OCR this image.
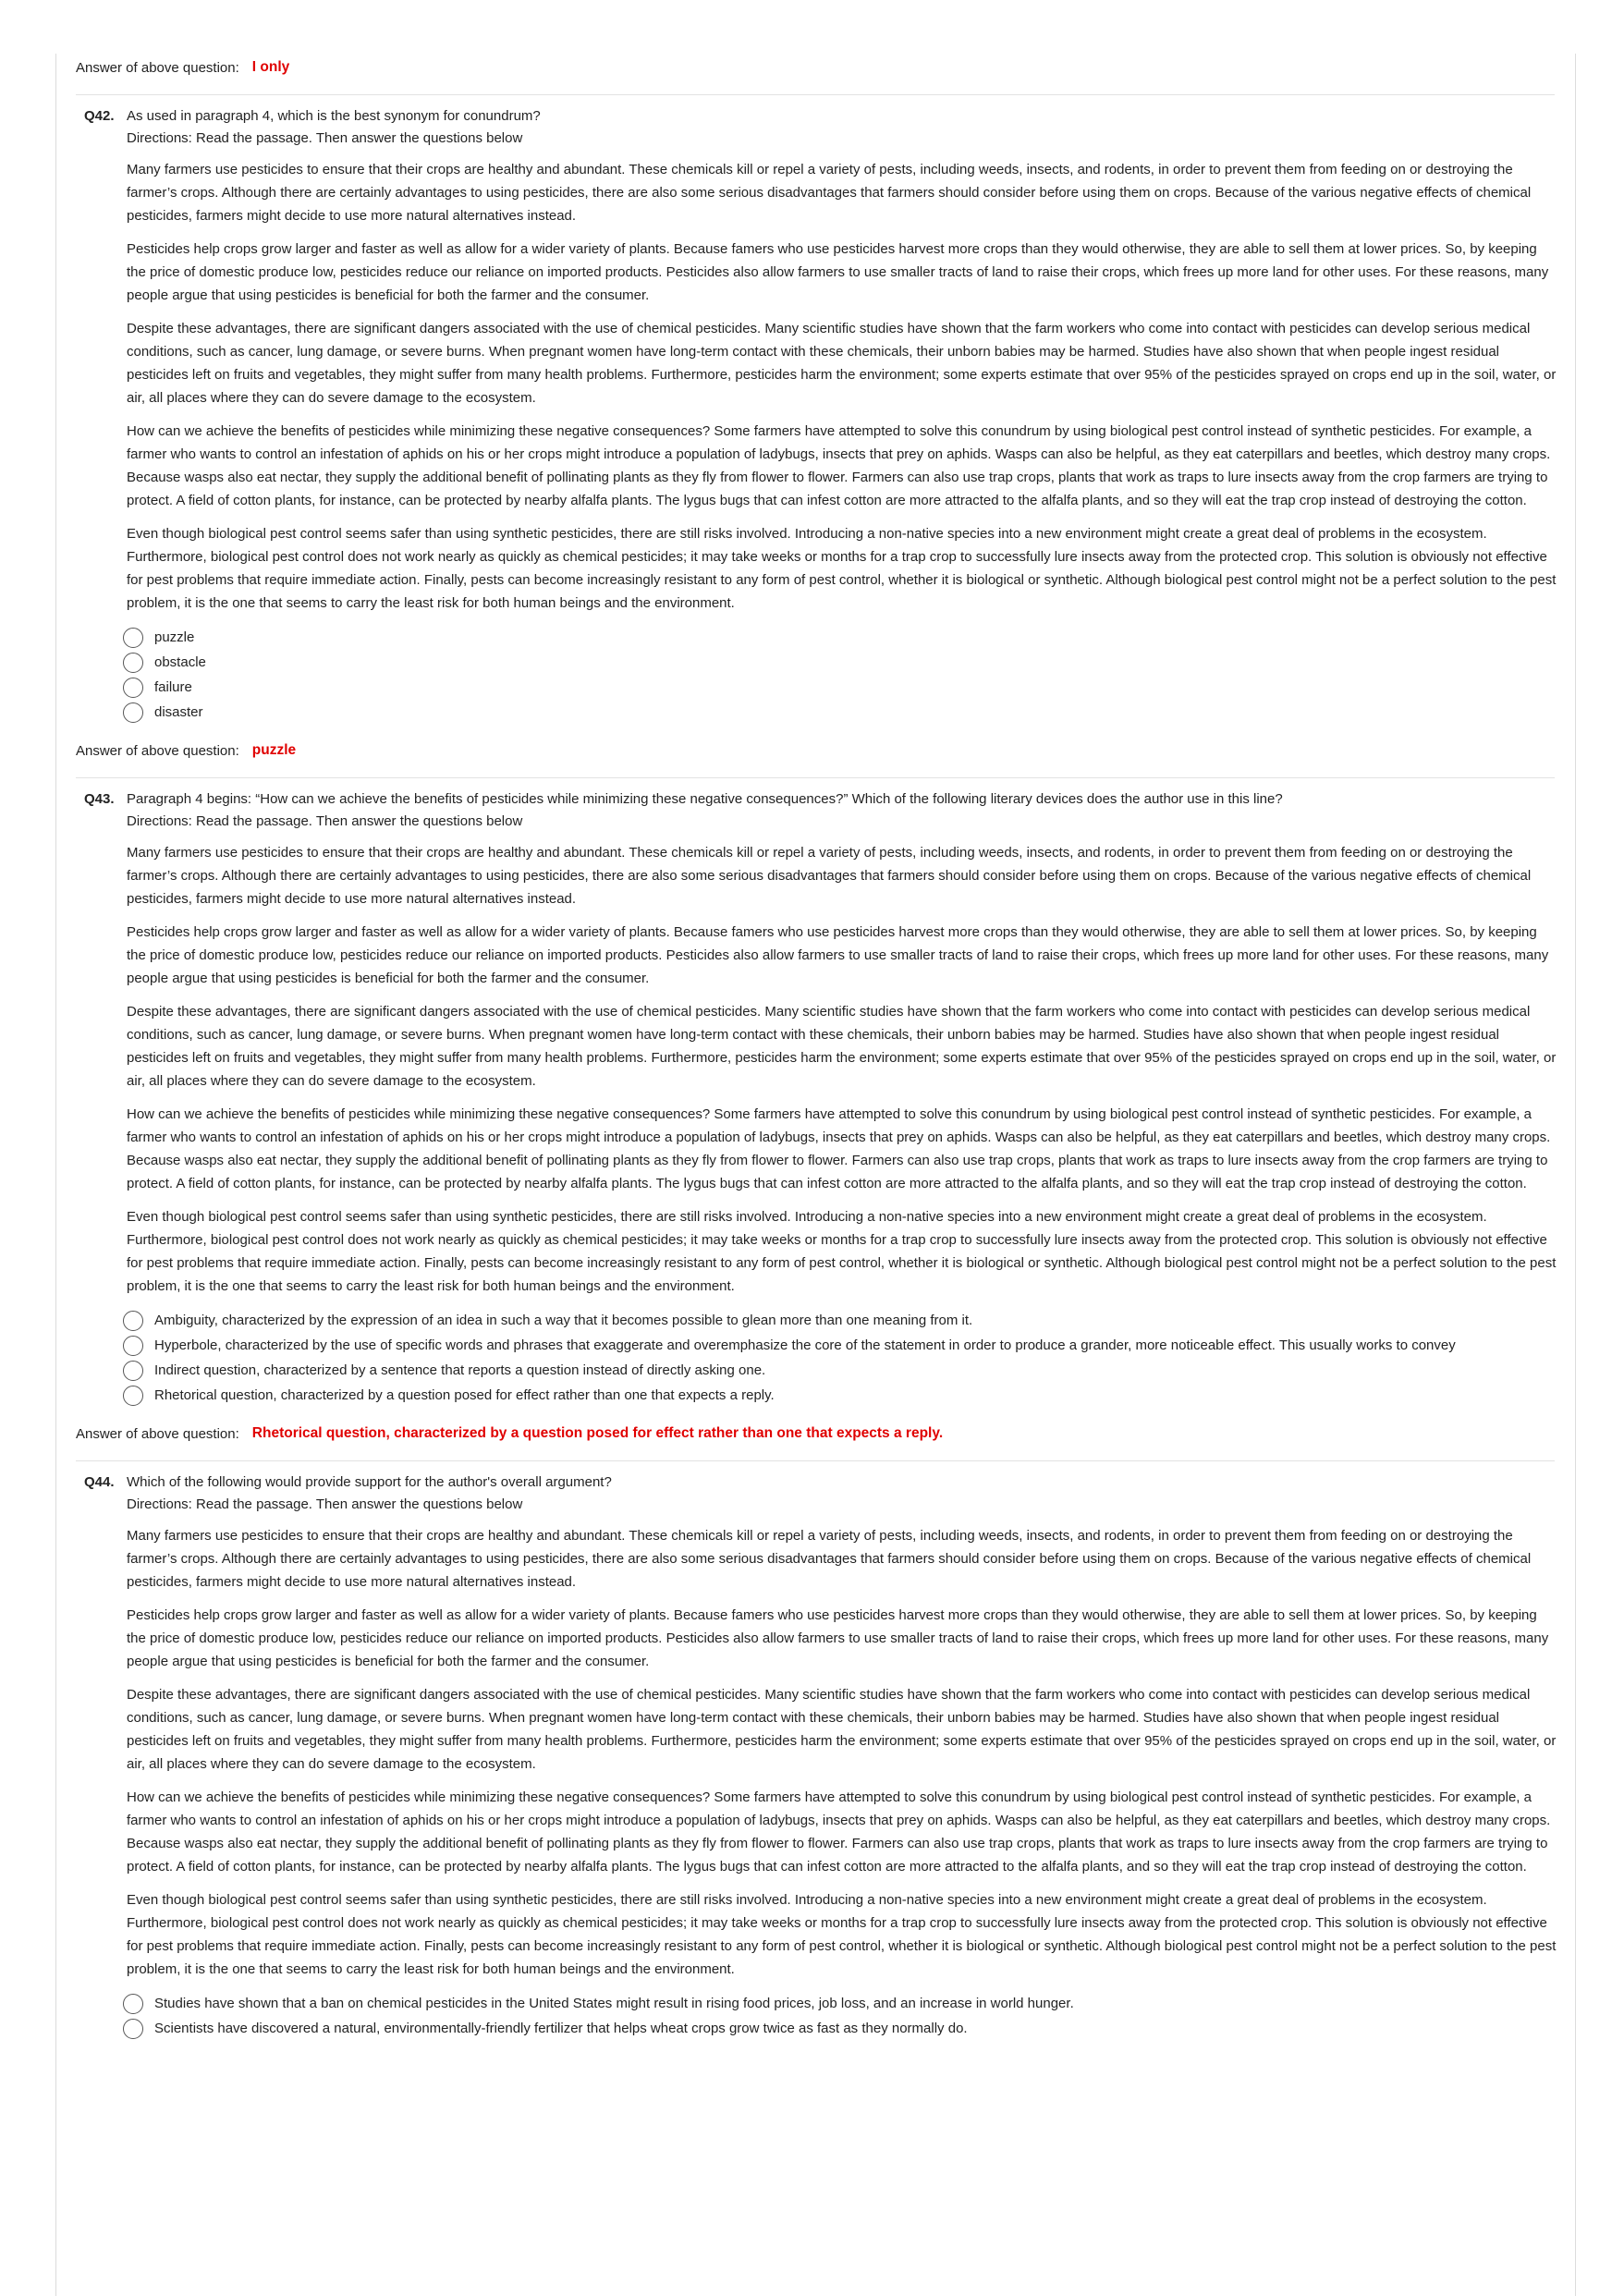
Answer of above question: I only
Q42. As used in paragraph 4, which is the best synonym for conundrum?
Directions: Read the passage. Then answer the questions below

Many farmers use pesticides to ensure that their crops are healthy and abundant. These chemicals kill or repel a variety of pests, including weeds, insects, and rodents, in order to prevent them from feeding on or destroying the farmer’s crops. Although there are certainly advantages to using pesticides, there are also some serious disadvantages that farmers should consider before using them on crops. Because of the various negative effects of chemical pesticides, farmers might decide to use more natural alternatives instead.

Pesticides help crops grow larger and faster as well as allow for a wider variety of plants. Because famers who use pesticides harvest more crops than they would otherwise, they are able to sell them at lower prices. So, by keeping the price of domestic produce low, pesticides reduce our reliance on imported products. Pesticides also allow farmers to use smaller tracts of land to raise their crops, which frees up more land for other uses. For these reasons, many people argue that using pesticides is beneficial for both the farmer and the consumer.

Despite these advantages, there are significant dangers associated with the use of chemical pesticides. Many scientific studies have shown that the farm workers who come into contact with pesticides can develop serious medical conditions, such as cancer, lung damage, or severe burns. When pregnant women have long-term contact with these chemicals, their unborn babies may be harmed. Studies have also shown that when people ingest residual pesticides left on fruits and vegetables, they might suffer from many health problems. Furthermore, pesticides harm the environment; some experts estimate that over 95% of the pesticides sprayed on crops end up in the soil, water, or air, all places where they can do severe damage to the ecosystem.

How can we achieve the benefits of pesticides while minimizing these negative consequences? Some farmers have attempted to solve this conundrum by using biological pest control instead of synthetic pesticides. For example, a farmer who wants to control an infestation of aphids on his or her crops might introduce a population of ladybugs, insects that prey on aphids. Wasps can also be helpful, as they eat caterpillars and beetles, which destroy many crops. Because wasps also eat nectar, they supply the additional benefit of pollinating plants as they fly from flower to flower. Farmers can also use trap crops, plants that work as traps to lure insects away from the crop farmers are trying to protect. A field of cotton plants, for instance, can be protected by nearby alfalfa plants. The lygus bugs that can infest cotton are more attracted to the alfalfa plants, and so they will eat the trap crop instead of destroying the cotton.

Even though biological pest control seems safer than using synthetic pesticides, there are still risks involved. Introducing a non-native species into a new environment might create a great deal of problems in the ecosystem. Furthermore, biological pest control does not work nearly as quickly as chemical pesticides; it may take weeks or months for a trap crop to successfully lure insects away from the protected crop. This solution is obviously not effective for pest problems that require immediate action. Finally, pests can become increasingly resistant to any form of pest control, whether it is biological or synthetic. Although biological pest control might not be a perfect solution to the pest problem, it is the one that seems to carry the least risk for both human beings and the environment.

puzzle
obstacle
failure
disaster
Answer of above question: puzzle
Q43. Paragraph 4 begins: “How can we achieve the benefits of pesticides while minimizing these negative consequences?” Which of the following literary devices does the author use in this line?
Directions: Read the passage. Then answer the questions below

Many farmers use pesticides to ensure that their crops are healthy and abundant. These chemicals kill or repel a variety of pests, including weeds, insects, and rodents, in order to prevent them from feeding on or destroying the farmer’s crops. Although there are certainly advantages to using pesticides, there are also some serious disadvantages that farmers should consider before using them on crops. Because of the various negative effects of chemical pesticides, farmers might decide to use more natural alternatives instead.

Pesticides help crops grow larger and faster as well as allow for a wider variety of plants. Because famers who use pesticides harvest more crops than they would otherwise, they are able to sell them at lower prices. So, by keeping the price of domestic produce low, pesticides reduce our reliance on imported products. Pesticides also allow farmers to use smaller tracts of land to raise their crops, which frees up more land for other uses. For these reasons, many people argue that using pesticides is beneficial for both the farmer and the consumer.

Despite these advantages, there are significant dangers associated with the use of chemical pesticides. Many scientific studies have shown that the farm workers who come into contact with pesticides can develop serious medical conditions, such as cancer, lung damage, or severe burns. When pregnant women have long-term contact with these chemicals, their unborn babies may be harmed. Studies have also shown that when people ingest residual pesticides left on fruits and vegetables, they might suffer from many health problems. Furthermore, pesticides harm the environment; some experts estimate that over 95% of the pesticides sprayed on crops end up in the soil, water, or air, all places where they can do severe damage to the ecosystem.

How can we achieve the benefits of pesticides while minimizing these negative consequences? Some farmers have attempted to solve this conundrum by using biological pest control instead of synthetic pesticides. For example, a farmer who wants to control an infestation of aphids on his or her crops might introduce a population of ladybugs, insects that prey on aphids. Wasps can also be helpful, as they eat caterpillars and beetles, which destroy many crops. Because wasps also eat nectar, they supply the additional benefit of pollinating plants as they fly from flower to flower. Farmers can also use trap crops, plants that work as traps to lure insects away from the crop farmers are trying to protect. A field of cotton plants, for instance, can be protected by nearby alfalfa plants. The lygus bugs that can infest cotton are more attracted to the alfalfa plants, and so they will eat the trap crop instead of destroying the cotton.

Even though biological pest control seems safer than using synthetic pesticides, there are still risks involved. Introducing a non-native species into a new environment might create a great deal of problems in the ecosystem. Furthermore, biological pest control does not work nearly as quickly as chemical pesticides; it may take weeks or months for a trap crop to successfully lure insects away from the protected crop. This solution is obviously not effective for pest problems that require immediate action. Finally, pests can become increasingly resistant to any form of pest control, whether it is biological or synthetic. Although biological pest control might not be a perfect solution to the pest problem, it is the one that seems to carry the least risk for both human beings and the environment.

Ambiguity, characterized by the expression of an idea in such a way that it becomes possible to glean more than one meaning from it.
Hyperbole, characterized by the use of specific words and phrases that exaggerate and overemphasize the core of the statement in order to produce a grander, more noticeable effect. This usually works to convey
Indirect question, characterized by a sentence that reports a question instead of directly asking one.
Rhetorical question, characterized by a question posed for effect rather than one that expects a reply.
Answer of above question: Rhetorical question, characterized by a question posed for effect rather than one that expects a reply.
Q44. Which of the following would provide support for the author's overall argument?
Directions: Read the passage. Then answer the questions below

Many farmers use pesticides to ensure that their crops are healthy and abundant. These chemicals kill or repel a variety of pests, including weeds, insects, and rodents, in order to prevent them from feeding on or destroying the farmer’s crops. Although there are certainly advantages to using pesticides, there are also some serious disadvantages that farmers should consider before using them on crops. Because of the various negative effects of chemical pesticides, farmers might decide to use more natural alternatives instead.

Pesticides help crops grow larger and faster as well as allow for a wider variety of plants. Because famers who use pesticides harvest more crops than they would otherwise, they are able to sell them at lower prices. So, by keeping the price of domestic produce low, pesticides reduce our reliance on imported products. Pesticides also allow farmers to use smaller tracts of land to raise their crops, which frees up more land for other uses. For these reasons, many people argue that using pesticides is beneficial for both the farmer and the consumer.

Despite these advantages, there are significant dangers associated with the use of chemical pesticides. Many scientific studies have shown that the farm workers who come into contact with pesticides can develop serious medical conditions, such as cancer, lung damage, or severe burns. When pregnant women have long-term contact with these chemicals, their unborn babies may be harmed. Studies have also shown that when people ingest residual pesticides left on fruits and vegetables, they might suffer from many health problems. Furthermore, pesticides harm the environment; some experts estimate that over 95% of the pesticides sprayed on crops end up in the soil, water, or air, all places where they can do severe damage to the ecosystem.

How can we achieve the benefits of pesticides while minimizing these negative consequences? Some farmers have attempted to solve this conundrum by using biological pest control instead of synthetic pesticides. For example, a farmer who wants to control an infestation of aphids on his or her crops might introduce a population of ladybugs, insects that prey on aphids. Wasps can also be helpful, as they eat caterpillars and beetles, which destroy many crops. Because wasps also eat nectar, they supply the additional benefit of pollinating plants as they fly from flower to flower. Farmers can also use trap crops, plants that work as traps to lure insects away from the crop farmers are trying to protect. A field of cotton plants, for instance, can be protected by nearby alfalfa plants. The lygus bugs that can infest cotton are more attracted to the alfalfa plants, and so they will eat the trap crop instead of destroying the cotton.

Even though biological pest control seems safer than using synthetic pesticides, there are still risks involved. Introducing a non-native species into a new environment might create a great deal of problems in the ecosystem. Furthermore, biological pest control does not work nearly as quickly as chemical pesticides; it may take weeks or months for a trap crop to successfully lure insects away from the protected crop. This solution is obviously not effective for pest problems that require immediate action. Finally, pests can become increasingly resistant to any form of pest control, whether it is biological or synthetic. Although biological pest control might not be a perfect solution to the pest problem, it is the one that seems to carry the least risk for both human beings and the environment.

Studies have shown that a ban on chemical pesticides in the United States might result in rising food prices, job loss, and an increase in world hunger.
Scientists have discovered a natural, environmentally-friendly fertilizer that helps wheat crops grow twice as fast as they normally do.
